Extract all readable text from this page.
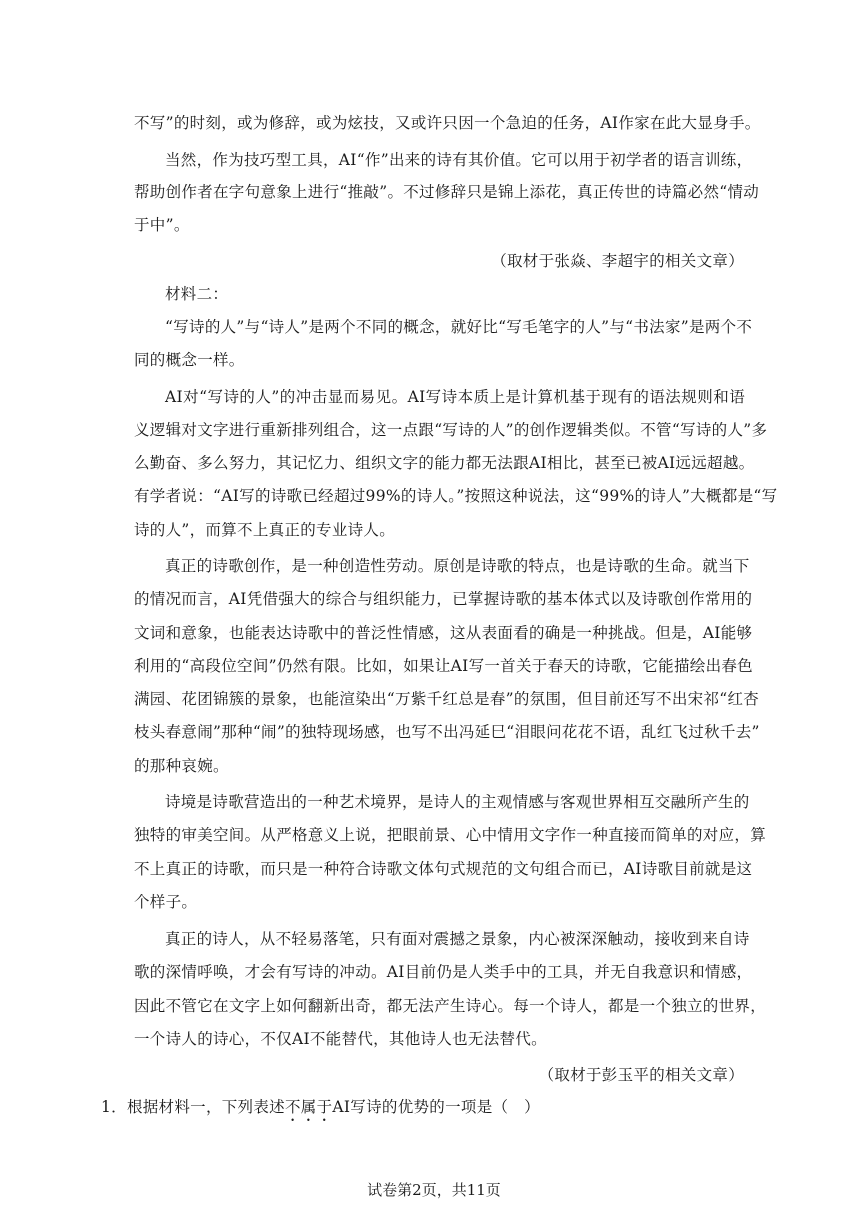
不写”的时刻，或为修辞，或为炫技，又或许只因一个急迫的任务，AI作家在此大显身手。
当然，作为技巧型工具，AI“作”出来的诗有其价值。它可以用于初学者的语言训练，
帮助创作者在字句意象上进行“推敲”。不过修辞只是锦上添花，真正传世的诗篇必然“情动
于中”。
（取材于张焱、李超宇的相关文章）
材料二：
“写诗的人”与“诗人”是两个不同的概念，就好比“写毛笔字的人”与“书法家”是两个不
同的概念一样。
AI对“写诗的人”的冲击显而易见。AI写诗本质上是计算机基于现有的语法规则和语
义逻辑对文字进行重新排列组合，这一点跟“写诗的人”的创作逻辑类似。不管“写诗的人”多
么勤奋、多么努力，其记忆力、组织文字的能力都无法跟AI相比，甚至已被AI远远超越。
有学者说：“AI写的诗歌已经超过99%的诗人。”按照这种说法，这“99%的诗人”大概都是“写
诗的人”，而算不上真正的专业诗人。
真正的诗歌创作，是一种创造性劳动。原创是诗歌的特点，也是诗歌的生命。就当下
的情况而言，AI凭借强大的综合与组织能力，已掌握诗歌的基本体式以及诗歌创作常用的
文词和意象，也能表达诗歌中的普泛性情感，这从表面看的确是一种挑战。但是，AI能够
利用的“高段位空间”仍然有限。比如，如果让AI写一首关于春天的诗歌，它能描绘出春色
满园、花团锦簇的景象，也能渲染出“万紫千红总是春”的氛围，但目前还写不出宋祁“红杏
枝头春意闹”那种“闹”的独特现场感，也写不出冯延巳“泪眼问花花不语，乱红飞过秋千去”
的那种哀婉。
诗境是诗歌营造出的一种艺术境界，是诗人的主观情感与客观世界相互交融所产生的
独特的审美空间。从严格意义上说，把眼前景、心中情用文字作一种直接而简单的对应，算
不上真正的诗歌，而只是一种符合诗歌文体句式规范的文句组合而已，AI诗歌目前就是这
个样子。
真正的诗人，从不轻易落笔，只有面对震撼之景象，内心被深深触动，接收到来自诗
歌的深情呼唤，才会有写诗的冲动。AI目前仍是人类手中的工具，并无自我意识和情感，
因此不管它在文字上如何翻新出奇，都无法产生诗心。每一个诗人，都是一个独立的世界，
一个诗人的诗心，不仅AI不能替代，其他诗人也无法替代。
（取材于彭玉平的相关文章）
1．根据材料一，下列表述不属于AI写诗的优势的一项是（　）
试卷第2页，共11页
